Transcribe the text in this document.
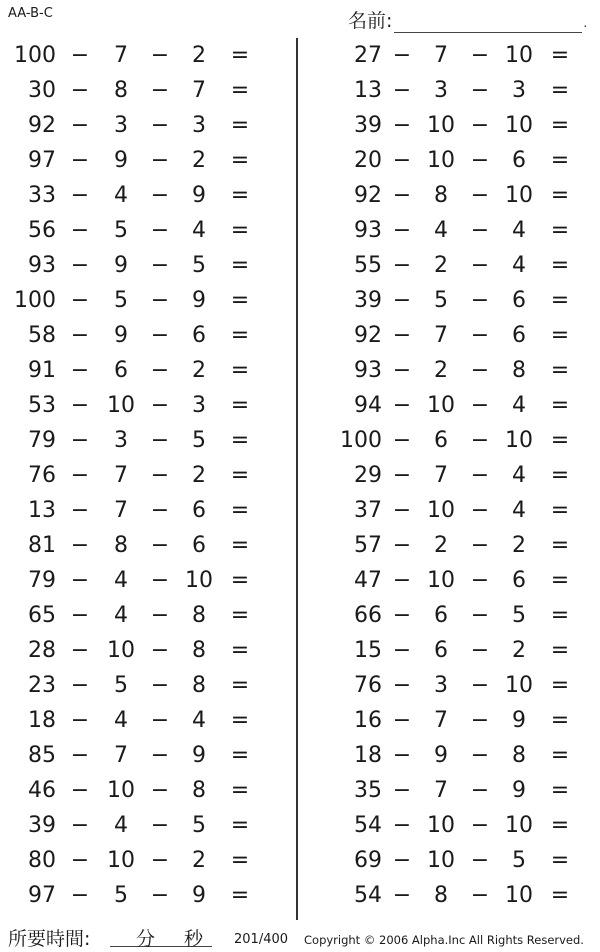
AA-B-C	名前:	.
100 −	7	−	2	=
30 −	8	−	7	=
92 −	3	−	3	=
97 −	9	−	2	=
33 −	4	−	9	=
56 −	5	−	4	=
93 −	9	−	5	=
100 −	5	−	9	=
58 −	9	−	6	=
91 −	6	−	2	=
53 − 10 −	3	=
79 −	3	−	5	=
76 −	7	−	2	=
13 −	7	−	6	=
81 −	8	−	6	=
79 −	4	− 10 =
65 −	4	−	8	=
28 − 10 −	8	=
23 −	5	−	8	=
18 −	4	−	4	=
85 −	7	−	9	=
46 − 10 −	8	=
39 −	4	−	5	=
80 − 10 −	2	=
97 −	5	−	9	=
27 −	7	− 10 =
13 −	3	−	3	=
39 − 10 − 10 =
20 − 10 −	6	=
92 −	8	− 10 =
93 −	4	−	4	=
55 −	2	−	4	=
39 −	5	−	6	=
92 −	7	−	6	=
93 −	2	−	8	=
94 − 10 −	4	=
100 −	6	− 10 =
29 −	7	−	4	=
37 − 10 −	4	=
57 −	2	−	2	=
47 − 10 −	6	=
66 −	6	−	5	=
15 −	6	−	2	=
76 −	3	− 10 =
16 −	7	−	9	=
18 −	9	−	8	=
35 −	7	−	9	=
54 − 10 − 10 =
69 − 10 −	5	=
54 −	8	− 10 =
所要時間: 分 秒 201/400 Copyright © 2006 Alpha.Inc All Rights Reserved.
